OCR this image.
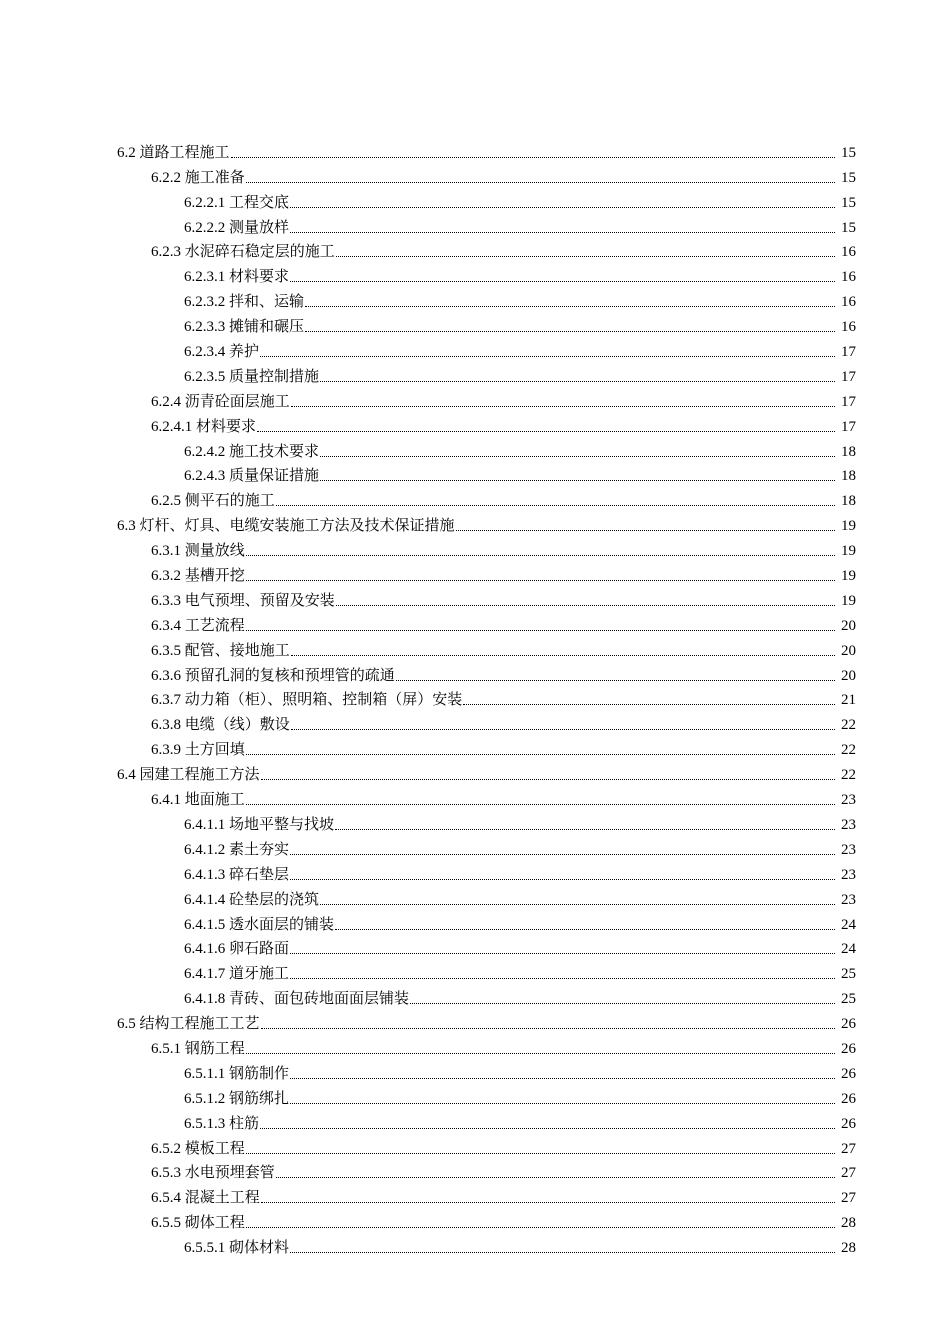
6.2 道路工程施工	15
6.2.2 施工准备	15
6.2.2.1 工程交底	15
6.2.2.2 测量放样	15
6.2.3 水泥碎石稳定层的施工	16
6.2.3.1 材料要求	16
6.2.3.2 拌和、运输	16
6.2.3.3 摊铺和碾压	16
6.2.3.4 养护	17
6.2.3.5 质量控制措施	17
6.2.4 沥青砼面层施工	17
6.2.4.1 材料要求	17
6.2.4.2 施工技术要求	18
6.2.4.3 质量保证措施	18
6.2.5 侧平石的施工	18
6.3 灯杆、灯具、电缆安装施工方法及技术保证措施	19
6.3.1 测量放线	19
6.3.2 基槽开挖	19
6.3.3 电气预埋、预留及安装	19
6.3.4 工艺流程	20
6.3.5 配管、接地施工	20
6.3.6 预留孔洞的复核和预埋管的疏通	20
6.3.7 动力箱（柜）、照明箱、控制箱（屏）安装	21
6.3.8 电缆（线）敷设	22
6.3.9 土方回填	22
6.4 园建工程施工方法	22
6.4.1 地面施工	23
6.4.1.1 场地平整与找坡	23
6.4.1.2 素土夯实	23
6.4.1.3 碎石垫层	23
6.4.1.4 砼垫层的浇筑	23
6.4.1.5 透水面层的铺装	24
6.4.1.6 卵石路面	24
6.4.1.7 道牙施工	25
6.4.1.8 青砖、面包砖地面面层铺装	25
6.5 结构工程施工工艺	26
6.5.1 钢筋工程	26
6.5.1.1 钢筋制作	26
6.5.1.2 钢筋绑扎	26
6.5.1.3 柱筋	26
6.5.2 模板工程	27
6.5.3 水电预埋套管	27
6.5.4 混凝土工程	27
6.5.5 砌体工程	28
6.5.5.1 砌体材料	28
